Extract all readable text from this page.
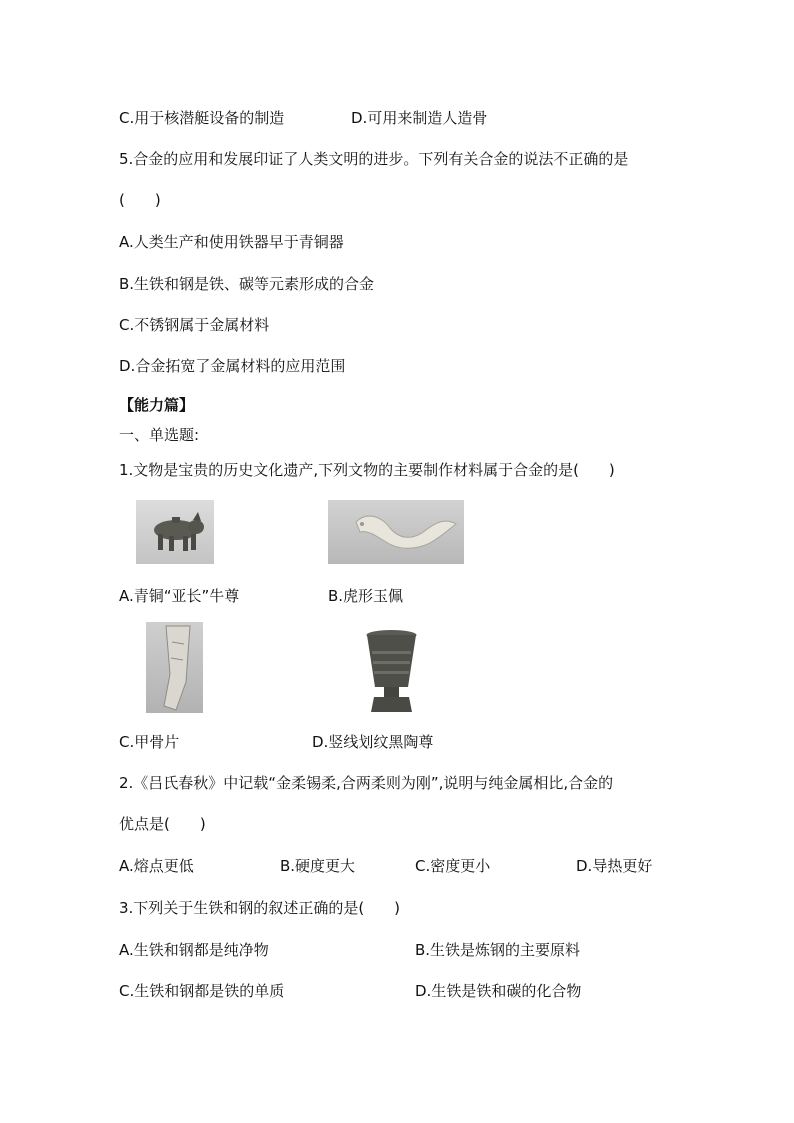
C.用于核潜艇设备的制造	D.可用来制造人造骨
5.合金的应用和发展印证了人类文明的进步。下列有关合金的说法不正确的是
(　　)
A.人类生产和使用铁器早于青铜器
B.生铁和钢是铁、碳等元素形成的合金
C.不锈钢属于金属材料
D.合金拓宽了金属材料的应用范围
【能力篇】
一、单选题:
1.文物是宝贵的历史文化遗产,下列文物的主要制作材料属于合金的是(　　)
A.青铜“亚长”牛尊	B.虎形玉佩
C.甲骨片	D.竖线划纹黑陶尊
2.《吕氏春秋》中记载“金柔锡柔,合两柔则为刚”,说明与纯金属相比,合金的
优点是(　　)
A.熔点更低	B.硬度更大	C.密度更小	D.导热更好
3.下列关于生铁和钢的叙述正确的是(　　)
A.生铁和钢都是纯净物	B.生铁是炼钢的主要原料
C.生铁和钢都是铁的单质	D.生铁是铁和碳的化合物
